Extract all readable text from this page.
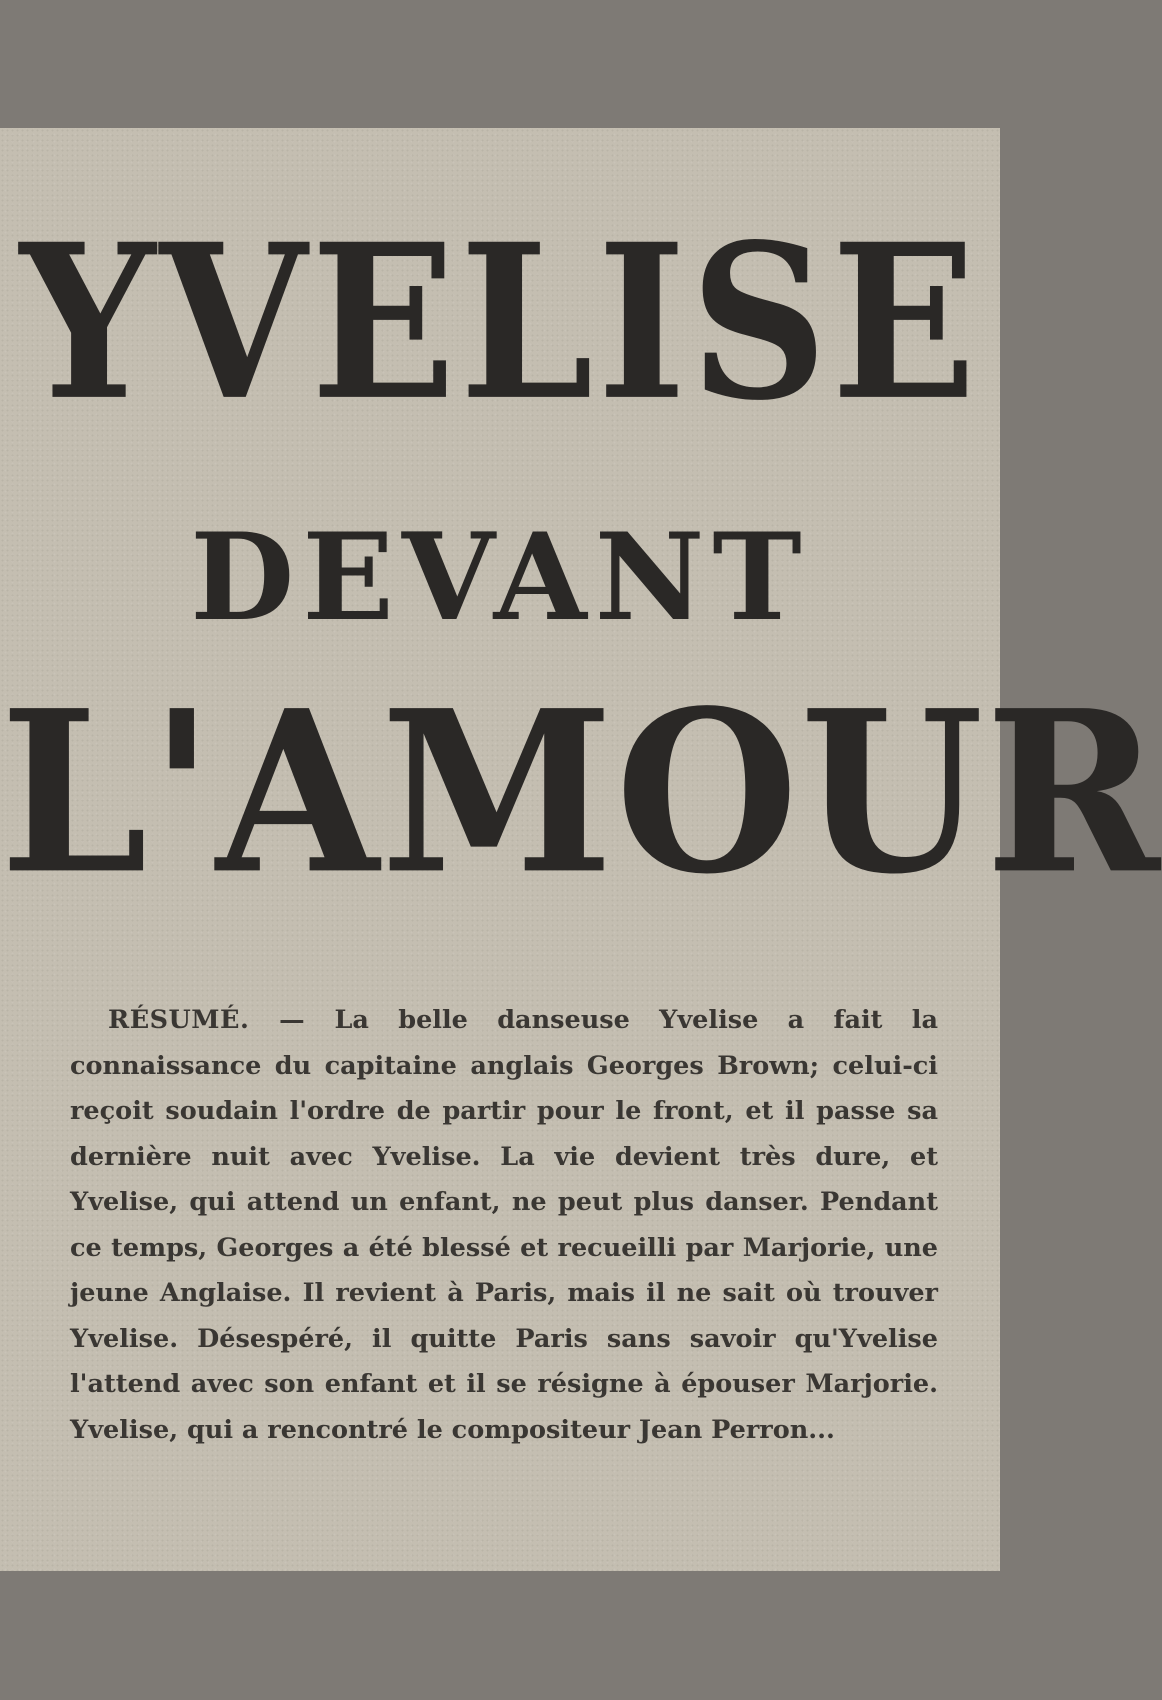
YVELISE
DEVANT
L'AMOUR

RÉSUMÉ. — La belle danseuse Yvelise a fait la connaissance du capitaine anglais Georges Brown; celui-ci reçoit soudain l'ordre de partir pour le front, et il passe sa dernière nuit avec Yvelise. La vie devient très dure, et Yvelise, qui attend un enfant, ne peut plus danser. Pendant ce temps, Georges a été blessé et recueilli par Marjorie, une jeune Anglaise. Il revient à Paris, mais il ne sait où trouver Yvelise. Désespéré, il quitte Paris sans savoir qu'Yvelise l'attend avec son enfant et il se résigne à épouser Marjorie. Yvelise, qui a rencontré le compositeur Jean Perron...
